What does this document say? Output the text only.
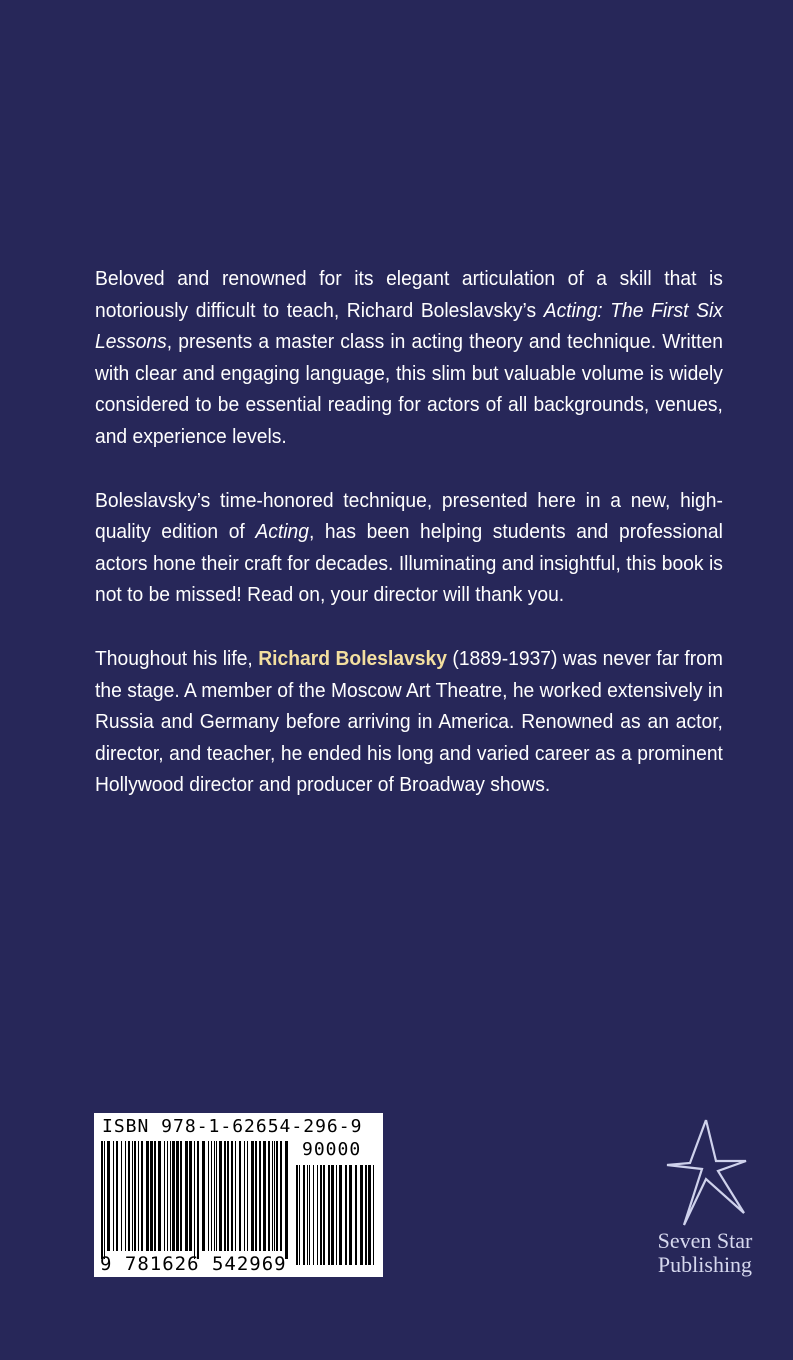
Beloved and renowned for its elegant articulation of a skill that is notoriously difficult to teach, Richard Boleslavsky’s Acting: The First Six Lessons, presents a master class in acting theory and technique. Written with clear and engaging language, this slim but valuable volume is widely considered to be essential reading for actors of all backgrounds, venues, and experience levels.

Boleslavsky’s time-honored technique, presented here in a new, high-quality edition of Acting, has been helping students and professional actors hone their craft for decades. Illuminating and insightful, this book is not to be missed! Read on, your director will thank you.

Thoughout his life, Richard Boleslavsky (1889-1937) was never far from the stage. A member of the Moscow Art Theatre, he worked extensively in Russia and Germany before arriving in America. Renowned as an actor, director, and teacher, he ended his long and varied career as a prominent Hollywood director and producer of Broadway shows.

ISBN 978-1-62654-296-9
90000
9 781626 542969
Seven Star
Publishing
